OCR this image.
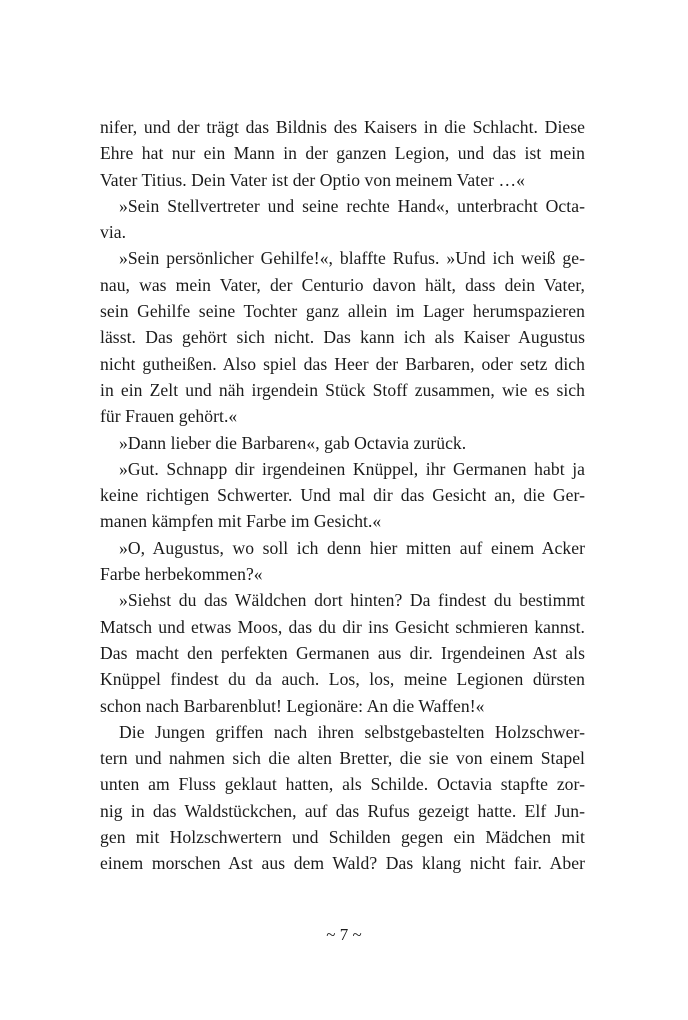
nifer, und der trägt das Bildnis des Kaisers in die Schlacht. Diese
Ehre hat nur ein Mann in der ganzen Legion, und das ist mein
Vater Titius. Dein Vater ist der Optio von meinem Vater …«
»Sein Stellvertreter und seine rechte Hand«, unterbracht Octa-
via.
»Sein persönlicher Gehilfe!«, blaffte Rufus. »Und ich weiß ge-
nau, was mein Vater, der Centurio davon hält, dass dein Vater,
sein Gehilfe seine Tochter ganz allein im Lager herumspazieren
lässt. Das gehört sich nicht. Das kann ich als Kaiser Augustus
nicht gutheißen. Also spiel das Heer der Barbaren, oder setz dich
in ein Zelt und näh irgendein Stück Stoff zusammen, wie es sich
für Frauen gehört.«
»Dann lieber die Barbaren«, gab Octavia zurück.
»Gut. Schnapp dir irgendeinen Knüppel, ihr Germanen habt ja
keine richtigen Schwerter. Und mal dir das Gesicht an, die Ger-
manen kämpfen mit Farbe im Gesicht.«
»O, Augustus, wo soll ich denn hier mitten auf einem Acker
Farbe herbekommen?«
»Siehst du das Wäldchen dort hinten? Da findest du bestimmt
Matsch und etwas Moos, das du dir ins Gesicht schmieren kannst.
Das macht den perfekten Germanen aus dir. Irgendeinen Ast als
Knüppel findest du da auch. Los, los, meine Legionen dürsten
schon nach Barbarenblut! Legionäre: An die Waffen!«
Die Jungen griffen nach ihren selbstgebastelten Holzschwer-
tern und nahmen sich die alten Bretter, die sie von einem Stapel
unten am Fluss geklaut hatten, als Schilde. Octavia stapfte zor-
nig in das Waldstückchen, auf das Rufus gezeigt hatte. Elf Jun-
gen mit Holzschwertern und Schilden gegen ein Mädchen mit
einem morschen Ast aus dem Wald? Das klang nicht fair. Aber
~ 7 ~
